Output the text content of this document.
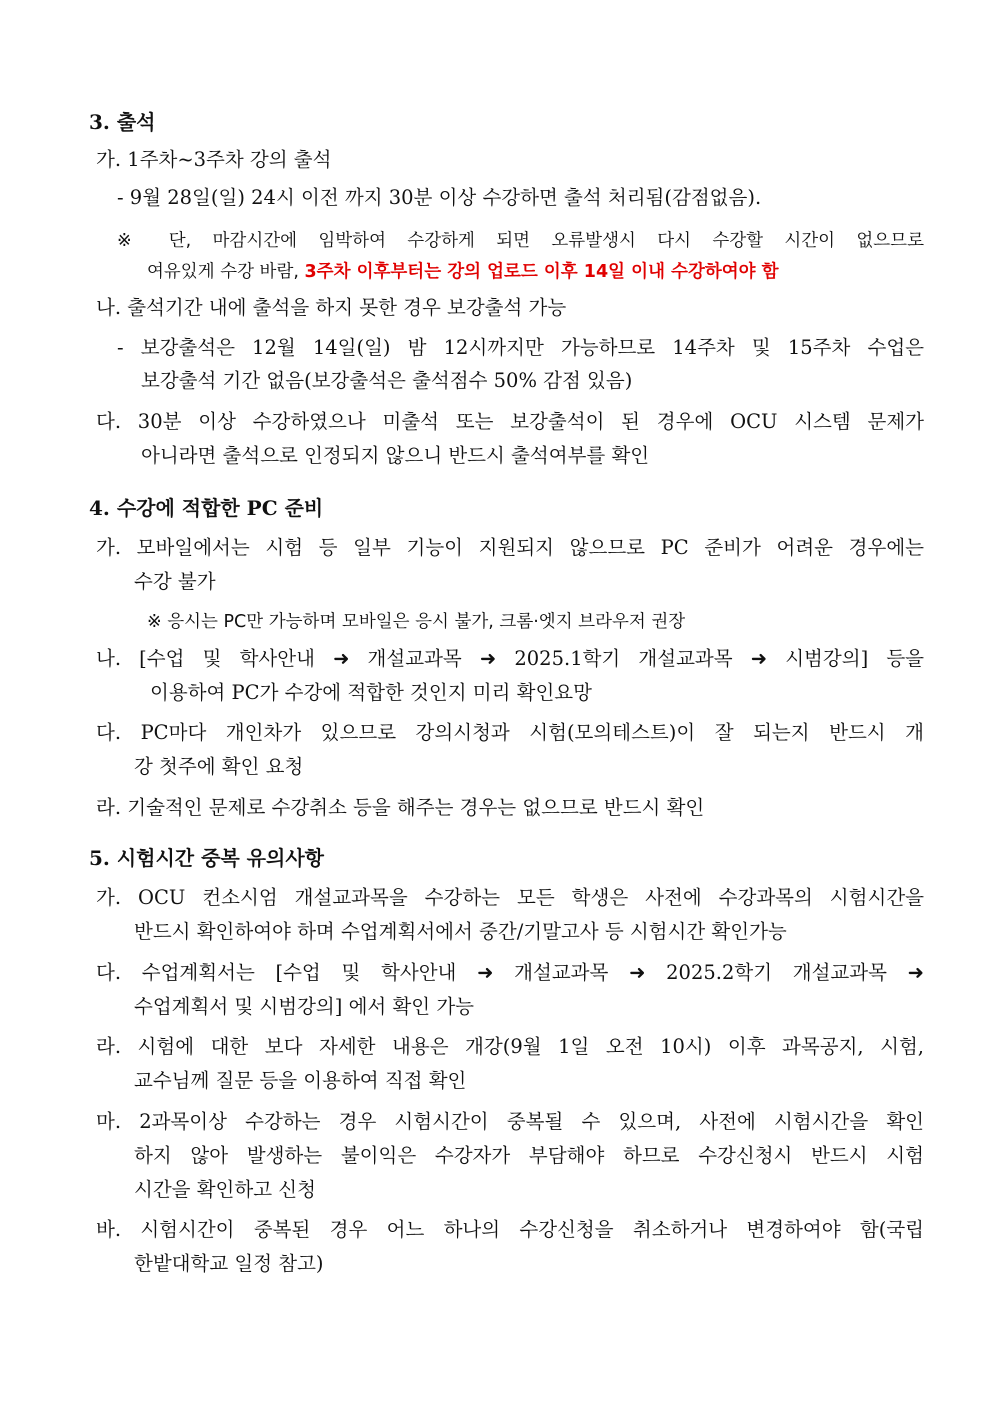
3. 출석
가. 1주차~3주차 강의 출석
- 9월 28일(일) 24시 이전 까지 30분 이상 수강하면 출석 처리됨(감점없음).
※ 단, 마감시간에 임박하여 수강하게 되면 오류발생시 다시 수강할 시간이 없으므로
여유있게 수강 바람, 3주차 이후부터는 강의 업로드 이후 14일 이내 수강하여야 함
나. 출석기간 내에 출석을 하지 못한 경우 보강출석 가능
- 보강출석은 12월 14일(일) 밤 12시까지만 가능하므로 14주차 및 15주차 수업은
보강출석 기간 없음(보강출석은 출석점수 50% 감점 있음)
다. 30분 이상 수강하였으나 미출석 또는 보강출석이 된 경우에 OCU 시스템 문제가
아니라면 출석으로 인정되지 않으니 반드시 출석여부를 확인
4. 수강에 적합한 PC 준비
가. 모바일에서는 시험 등 일부 기능이 지원되지 않으므로 PC 준비가 어려운 경우에는
수강 불가
※ 응시는 PC만 가능하며 모바일은 응시 불가, 크롬·엣지 브라우저 권장
나. [수업 및 학사안내 ➜ 개설교과목 ➜ 2025.1학기 개설교과목 ➜ 시범강의] 등을
이용하여 PC가 수강에 적합한 것인지 미리 확인요망
다. PC마다 개인차가 있으므로 강의시청과 시험(모의테스트)이 잘 되는지 반드시 개
강 첫주에 확인 요청
라. 기술적인 문제로 수강취소 등을 해주는 경우는 없으므로 반드시 확인
5. 시험시간 중복 유의사항
가. OCU 컨소시엄 개설교과목을 수강하는 모든 학생은 사전에 수강과목의 시험시간을
반드시 확인하여야 하며 수업계획서에서 중간/기말고사 등 시험시간 확인가능
다. 수업계획서는 [수업 및 학사안내 ➜ 개설교과목 ➜ 2025.2학기 개설교과목 ➜
수업계획서 및 시범강의] 에서 확인 가능
라. 시험에 대한 보다 자세한 내용은 개강(9월 1일 오전 10시) 이후 과목공지, 시험,
교수님께 질문 등을 이용하여 직접 확인
마. 2과목이상 수강하는 경우 시험시간이 중복될 수 있으며, 사전에 시험시간을 확인
하지 않아 발생하는 불이익은 수강자가 부담해야 하므로 수강신청시 반드시 시험
시간을 확인하고 신청
바. 시험시간이 중복된 경우 어느 하나의 수강신청을 취소하거나 변경하여야 함(국립
한밭대학교 일정 참고)
